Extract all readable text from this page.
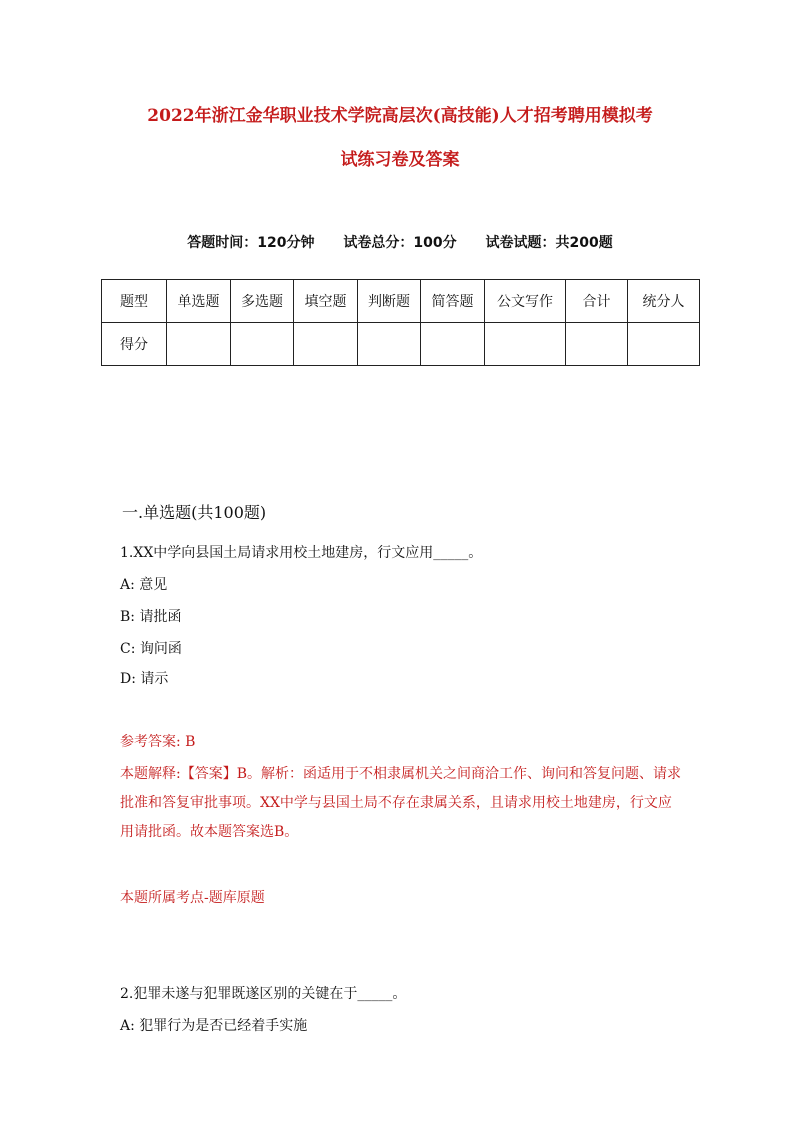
2022年浙江金华职业技术学院高层次(高技能)人才招考聘用模拟考
试练习卷及答案
答题时间：120分钟 试卷总分：100分 试卷试题：共200题
题型	单选题	多选题	填空题	判断题	简答题	公文写作	合计	统分人
得分								
一.单选题(共100题)
1.XX中学向县国土局请求用校土地建房，行文应用_____。
A: 意见
B: 请批函
C: 询问函
D: 请示
参考答案: B
本题解释:【答案】B。解析：函适用于不相隶属机关之间商洽工作、询问和答复问题、请求批准和答复审批事项。XX中学与县国土局不存在隶属关系，且请求用校土地建房，行文应用请批函。故本题答案选B。
本题所属考点-题库原题
2.犯罪未遂与犯罪既遂区别的关键在于_____。
A: 犯罪行为是否已经着手实施
